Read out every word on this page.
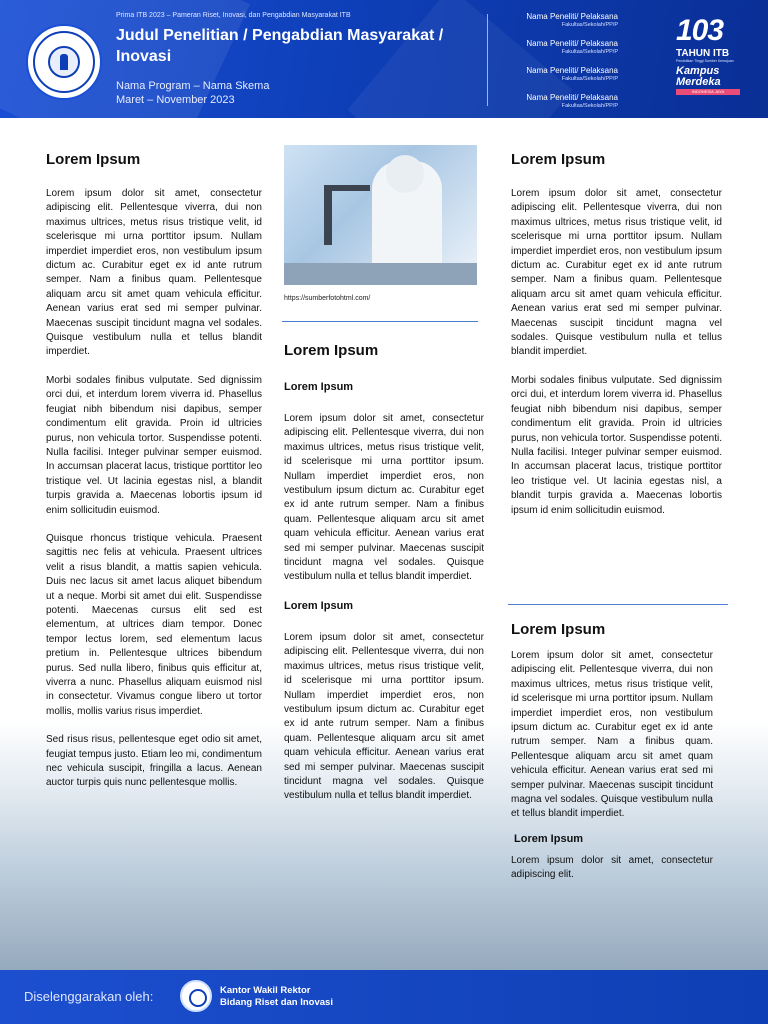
Prima ITB 2023 – Pameran Riset, Inovasi, dan Pengabdian Masyarakat ITB
Judul Penelitian / Pengabdian Masyarakat / Inovasi
Nama Program – Nama Skema
Maret – November 2023
Nama Peneliti/ Pelaksana
Fakultas/Sekolah/PP/P
Nama Peneliti/ Pelaksana
Fakultas/Sekolah/PP/P
Nama Peneliti/ Pelaksana
Fakultas/Sekolah/PP/P
Nama Peneliti/ Pelaksana
Fakultas/Sekolah/PP/P
103
TAHUN ITB
Pendidikan Tinggi Sumber Kemajuan
Kampus Merdeka
INDONESIA JAYA
Lorem Ipsum

Lorem ipsum dolor sit amet, consectetur adipiscing elit. Pellentesque viverra, dui non maximus ultrices, metus risus tristique velit, id scelerisque mi urna porttitor ipsum. Nullam imperdiet imperdiet eros, non vestibulum ipsum dictum ac. Curabitur eget ex id ante rutrum semper. Nam a finibus quam. Pellentesque aliquam arcu sit amet quam vehicula efficitur. Aenean varius erat sed mi semper pulvinar. Maecenas suscipit tincidunt magna vel sodales. Quisque vestibulum nulla et tellus blandit imperdiet.

Morbi sodales finibus vulputate. Sed dignissim orci dui, et interdum lorem viverra id. Phasellus feugiat nibh bibendum nisi dapibus, semper condimentum elit gravida. Proin id ultricies purus, non vehicula tortor. Suspendisse potenti. Nulla facilisi. Integer pulvinar semper euismod. In accumsan placerat lacus, tristique porttitor leo tristique vel. Ut lacinia egestas nisl, a blandit turpis gravida a. Maecenas lobortis ipsum id enim sollicitudin euismod.

Quisque rhoncus tristique vehicula. Praesent sagittis nec felis at vehicula. Praesent ultrices velit a risus blandit, a mattis sapien vehicula. Duis nec lacus sit amet lacus aliquet bibendum ut a neque. Morbi sit amet dui elit. Suspendisse potenti. Maecenas cursus elit sed est elementum, at ultrices diam tempor. Donec tempor lectus lorem, sed elementum lacus pretium in. Pellentesque ultrices bibendum purus. Sed nulla libero, finibus quis efficitur at, viverra a nunc. Phasellus aliquam euismod nisl in consectetur. Vivamus congue libero ut tortor mollis, mollis varius risus imperdiet.

Sed risus risus, pellentesque eget odio sit amet, feugiat tempus justo. Etiam leo mi, condimentum nec vehicula suscipit, fringilla a lacus. Aenean auctor turpis quis nunc pellentesque mollis.

https://sumberfotohtml.com/
Lorem Ipsum
Lorem Ipsum

Lorem ipsum dolor sit amet, consectetur adipiscing elit. Pellentesque viverra, dui non maximus ultrices, metus risus tristique velit, id scelerisque mi urna porttitor ipsum. Nullam imperdiet imperdiet eros, non vestibulum ipsum dictum ac. Curabitur eget ex id ante rutrum semper. Nam a finibus quam. Pellentesque aliquam arcu sit amet quam vehicula efficitur. Aenean varius erat sed mi semper pulvinar. Maecenas suscipit tincidunt magna vel sodales. Quisque vestibulum nulla et tellus blandit imperdiet.

Lorem Ipsum

Lorem ipsum dolor sit amet, consectetur adipiscing elit. Pellentesque viverra, dui non maximus ultrices, metus risus tristique velit, id scelerisque mi urna porttitor ipsum. Nullam imperdiet imperdiet eros, non vestibulum ipsum dictum ac. Curabitur eget ex id ante rutrum semper. Nam a finibus quam. Pellentesque aliquam arcu sit amet quam vehicula efficitur. Aenean varius erat sed mi semper pulvinar. Maecenas suscipit tincidunt magna vel sodales. Quisque vestibulum nulla et tellus blandit imperdiet.

Lorem Ipsum

Lorem ipsum dolor sit amet, consectetur adipiscing elit. Pellentesque viverra, dui non maximus ultrices, metus risus tristique velit, id scelerisque mi urna porttitor ipsum. Nullam imperdiet imperdiet eros, non vestibulum ipsum dictum ac. Curabitur eget ex id ante rutrum semper. Nam a finibus quam. Pellentesque aliquam arcu sit amet quam vehicula efficitur. Aenean varius erat sed mi semper pulvinar. Maecenas suscipit tincidunt magna vel sodales. Quisque vestibulum nulla et tellus blandit imperdiet.

Morbi sodales finibus vulputate. Sed dignissim orci dui, et interdum lorem viverra id. Phasellus feugiat nibh bibendum nisi dapibus, semper condimentum elit gravida. Proin id ultricies purus, non vehicula tortor. Suspendisse potenti. Nulla facilisi. Integer pulvinar semper euismod. In accumsan placerat lacus, tristique porttitor leo tristique vel. Ut lacinia egestas nisl, a blandit turpis gravida a. Maecenas lobortis ipsum id enim sollicitudin euismod.

Lorem Ipsum

Lorem ipsum dolor sit amet, consectetur adipiscing elit. Pellentesque viverra, dui non maximus ultrices, metus risus tristique velit, id scelerisque mi urna porttitor ipsum. Nullam imperdiet imperdiet eros, non vestibulum ipsum dictum ac. Curabitur eget ex id ante rutrum semper. Nam a finibus quam. Pellentesque aliquam arcu sit amet quam vehicula efficitur. Aenean varius erat sed mi semper pulvinar. Maecenas suscipit tincidunt magna vel sodales. Quisque vestibulum nulla et tellus blandit imperdiet.

Lorem Ipsum

Lorem ipsum dolor sit amet, consectetur adipiscing elit.

Diselenggarakan oleh:	Kantor Wakil Rektor
Bidang Riset dan Inovasi
